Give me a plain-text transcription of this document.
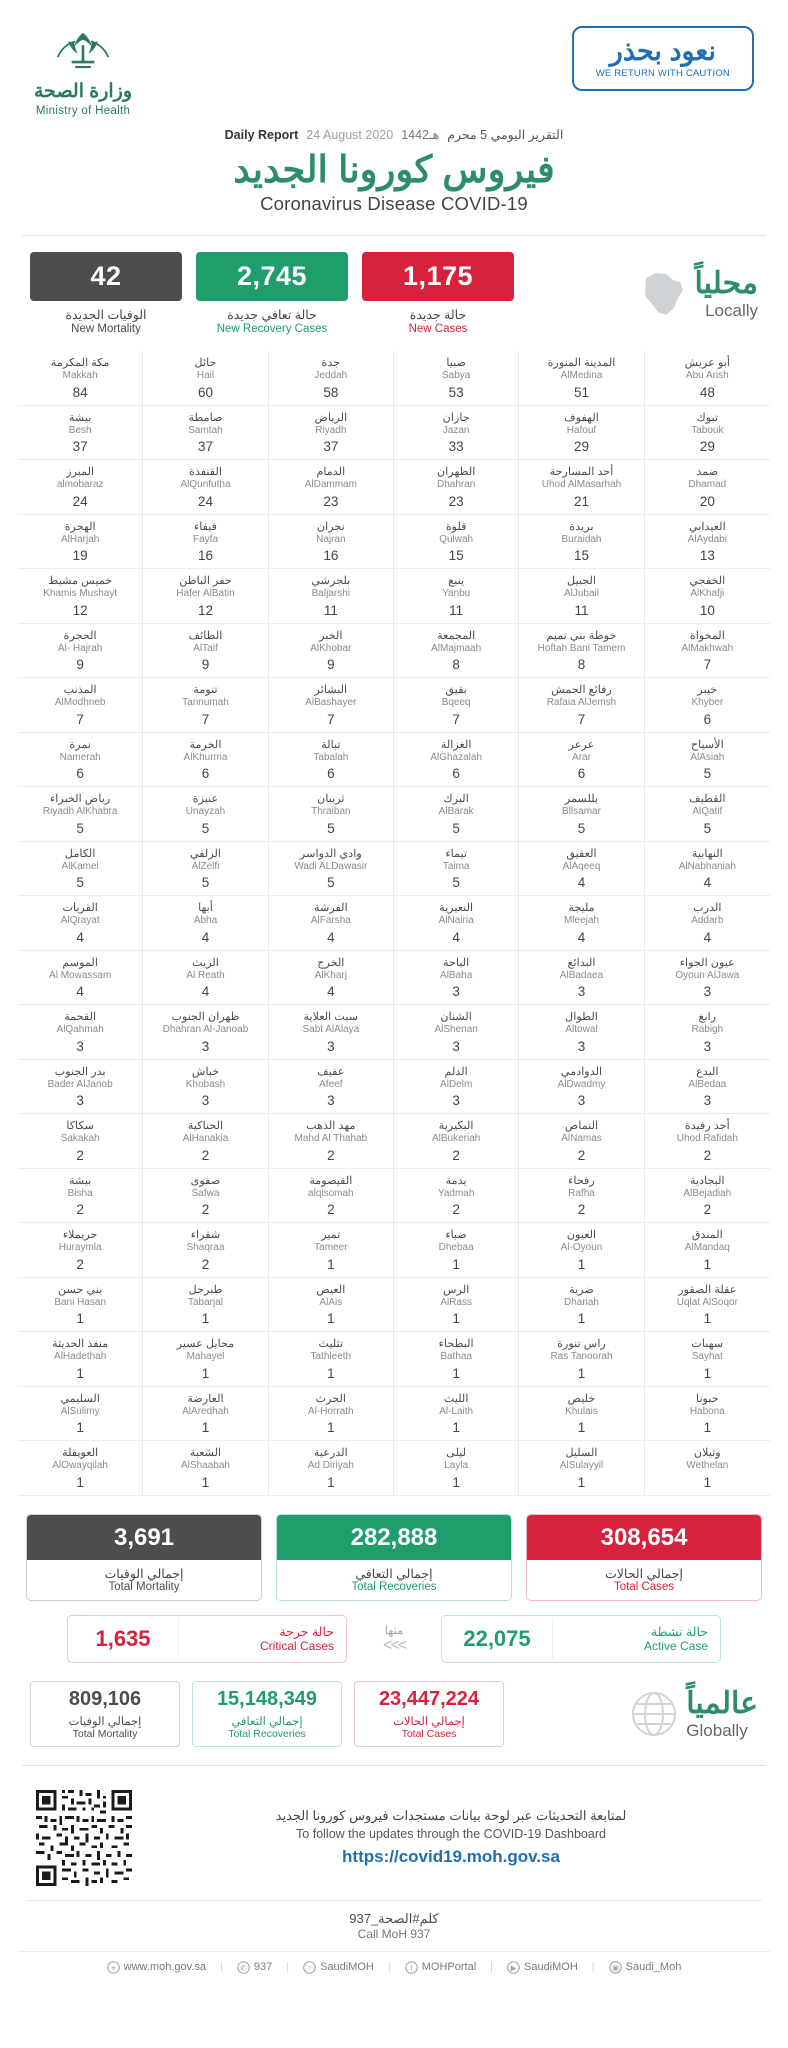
وزارة الصحة
Ministry of Health
نعود بحذر
WE RETURN WITH CAUTION
Daily Report 24 August 2020 1442هـ التقرير اليومي 5 محرم
فيروس كورونا الجديد
Coronavirus Disease COVID-19
42
الوفيات الجديدة
New Mortality
2,745
حالة تعافي جديدة
New Recovery Cases
1,175
حالة جديدة
New Cases
محلياً
Locally
مكة المكرمة
Makkah
84
حائل
Hail
60
جدة
Jeddah
58
صبيا
Sabya
53
المدينة المنورة
AlMedina
51
أبو عريش
Abu Arish
48
بيشة
Besh
37
صامطة
Samtah
37
الرياض
Riyadh
37
جازان
Jazan
33
الهفوف
Hafouf
29
تبوك
Tabouk
29
المبرز
almobaraz
24
القنفذة
AlQunfutha
24
الدمام
AlDammam
23
الظهران
Dhahran
23
أحد المسارحة
Uhod AlMasarhah
21
ضمد
Dhamad
20
الهجرة
AlHarjah
19
فيفاء
Fayfa
16
نجران
Najran
16
قلوة
Qulwah
15
بريدة
Buraidah
15
العيدابي
AlAydabi
13
خميس مشيط
Khamis Mushayt
12
حفر الباطن
Hafer AlBatin
12
بلجرشي
Baljarshi
11
ينبع
Yanbu
11
الجبيل
AlJubail
11
الخفجي
AlKhafji
10
الحجرة
Al- Hajrah
9
الطائف
AlTaif
9
الخبر
AlKhobar
9
المجمعة
AlMajmaah
8
خوطة بني تميم
Hoftah Bani Tamem
8
المخواة
AlMakhwah
7
المذنب
AlModhneb
7
تنومة
Tannumah
7
البشائر
AlBashayer
7
بقيق
Bqeeq
7
رفائع الجمش
Rafaia AlJemsh
7
خيبر
Khyber
6
نمرة
Namerah
6
الخرمة
AlKhurma
6
تبالة
Tabalah
6
الغزالة
AlGhazalah
6
عرعر
Arar
6
الأسياح
AlAsiah
5
رياض الخبراء
Riyadh AlKhabra
5
عنيزة
Unayzah
5
ثريبان
Thraiban
5
البرك
AlBarak
5
بللسمر
Bllsamar
5
القطيف
AlQatif
5
الكامل
AlKamel
5
الزلفي
AlZelfi
5
وادي الدواسر
Wadi ALDawasir
5
تيماء
Taima
5
العقيق
AlAqeeq
4
النهابية
AlNabhaniah
4
القريات
AlQrayat
4
أبها
Abha
4
الفرشة
AlFarsha
4
النعيرية
AlNairia
4
مليجة
Mleejah
4
الدرب
Addarb
4
الموسم
Al Mowassam
4
الريث
Al Reath
4
الخرج
AlKharj
4
الباحة
AlBaha
3
البدائع
AlBadaea
3
عيون الجواء
Oyoun AlJawa
3
القحمة
AlQahmah
3
ظهران الجنوب
Dhahran Al-Janoab
3
سبت العلاية
Sabt AlAlaya
3
الشنان
AlShenan
3
الطوال
Altowal
3
رابغ
Rabigh
3
بدر الجنوب
Bader AlJanob
3
خباش
Khobash
3
عفيف
Afeef
3
الدلم
AlDelm
3
الدوادمي
AlDwadmy
3
البدع
AlBedaa
3
سكاكا
Sakakah
2
الحناكية
AlHanakia
2
مهد الذهب
Mahd Al Thahab
2
البكيرية
AlBukeriah
2
النماص
AlNamas
2
أحد رفيدة
Uhod Rafidah
2
بيشة
Bisha
2
صفوى
Safwa
2
القيصومة
alqisomah
2
يدمة
Yadmah
2
رفحاء
Rafha
2
البجادية
AlBejadiah
2
حريملاء
Huraymla
2
شقراء
Shaqraa
2
تمير
Tameer
1
ضباء
Dhebaa
1
العيون
Al-Oyoun
1
المندق
AlMandaq
1
بني حسن
Bani Hasan
1
طبرجل
Tabarjal
1
العيص
AlAis
1
الرس
AlRass
1
ضرية
Dhariah
1
عقلة الصقور
Uqlat AlSoqor
1
منفذ الحديثة
AlHadethah
1
محايل عسير
Mahayel
1
تثليث
Tathleeth
1
البطحاء
Bathaa
1
راس تنورة
Ras Tanoorah
1
سهبات
Sayhat
1
السليمي
AlSulimy
1
العارضة
AlAredhah
1
الحرث
Al-Horrath
1
الليث
Al-Laith
1
خليص
Khulais
1
حبونا
Habona
1
العويقلة
AlOwayqilah
1
الشعبة
AlShaabah
1
الدرعية
Ad Diriyah
1
ليلى
Layla
1
السليل
AlSulayyil
1
وثيلان
Wethelan
1
3,691
إجمالي الوفيات
Total Mortality
282,888
إجمالي التعافي
Total Recoveries
308,654
إجمالي الحالات
Total Cases
1,635	حالة حرجة
Critical Cases
منها
<<<	22,075	حالة نشطة
Active Case
809,106
إجمالي الوفيات
Total Mortality
15,148,349
إجمالي التعافي
Total Recoveries
23,447,224
إجمالي الحالات
Total Cases
عالمياً
Globally
لمتابعة التحديثات عبر لوحة بيانات مستجدات فيروس كورونا الجديد
To follow the updates through the COVID-19 Dashboard
https://covid19.moh.gov.sa
كلم#الصحة_937
Call MoH 937
⌖ www.moh.gov.sa | ✆ 937 | ᵗ SaudiMOH | f MOHPortal | ▶ SaudiMOH | ▣ Saudi_Moh
